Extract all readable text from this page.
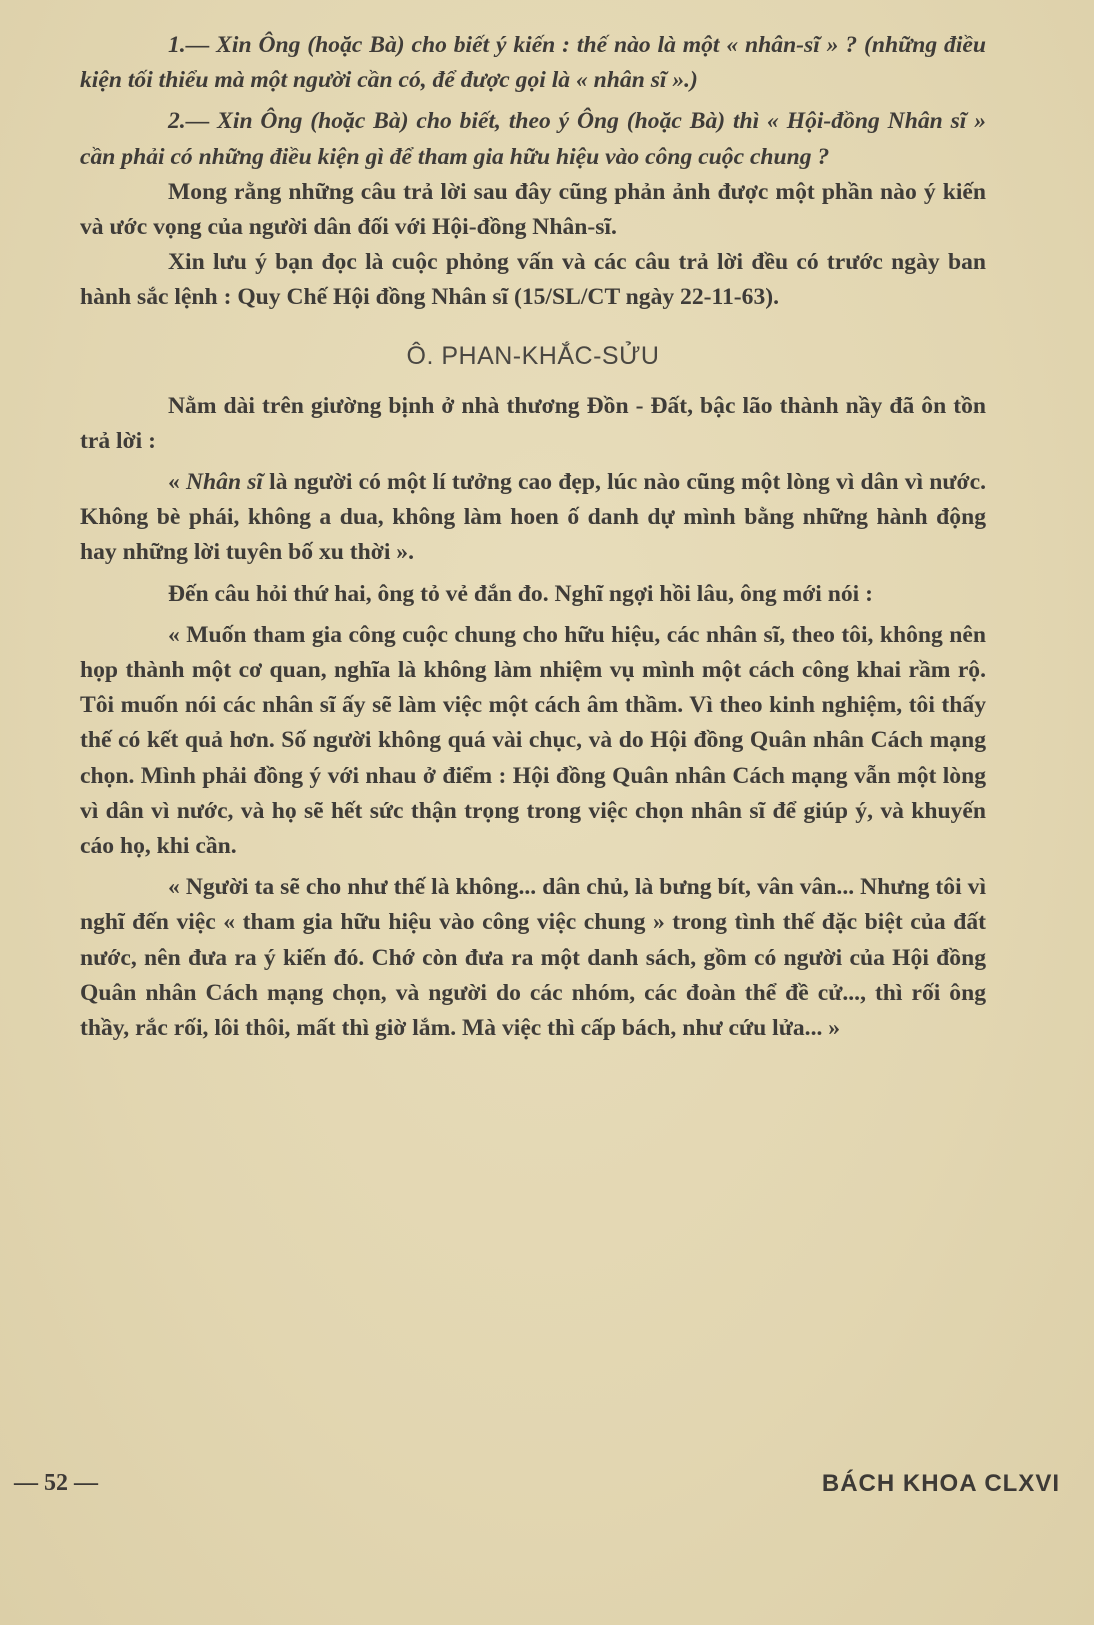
1.— Xin Ông (hoặc Bà) cho biết ý kiến : thế nào là một « nhân-sĩ » ? (những điều kiện tối thiểu mà một người cần có, để được gọi là « nhân sĩ ».)

2.— Xin Ông (hoặc Bà) cho biết, theo ý Ông (hoặc Bà) thì « Hội-đồng Nhân sĩ » cần phải có những điều kiện gì để tham gia hữu hiệu vào công cuộc chung ?

Mong rằng những câu trả lời sau đây cũng phản ảnh được một phần nào ý kiến và ước vọng của người dân đối với Hội-đồng Nhân-sĩ.

Xin lưu ý bạn đọc là cuộc phỏng vấn và các câu trả lời đều có trước ngày ban hành sắc lệnh : Quy Chế Hội đồng Nhân sĩ (15/SL/CT ngày 22-11-63).

Ô. PHAN-KHẮC-SỬU

Nằm dài trên giường bịnh ở nhà thương Đồn - Đất, bậc lão thành nầy đã ôn tồn trả lời :

« Nhân sĩ là người có một lí tưởng cao đẹp, lúc nào cũng một lòng vì dân vì nước. Không bè phái, không a dua, không làm hoen ố danh dự mình bằng những hành động hay những lời tuyên bố xu thời ».

Đến câu hỏi thứ hai, ông tỏ vẻ đắn đo. Nghĩ ngợi hồi lâu, ông mới nói :

« Muốn tham gia công cuộc chung cho hữu hiệu, các nhân sĩ, theo tôi, không nên họp thành một cơ quan, nghĩa là không làm nhiệm vụ mình một cách công khai rầm rộ. Tôi muốn nói các nhân sĩ ấy sẽ làm việc một cách âm thầm. Vì theo kinh nghiệm, tôi thấy thế có kết quả hơn. Số người không quá vài chục, và do Hội đồng Quân nhân Cách mạng chọn. Mình phải đồng ý với nhau ở điểm : Hội đồng Quân nhân Cách mạng vẫn một lòng vì dân vì nước, và họ sẽ hết sức thận trọng trong việc chọn nhân sĩ để giúp ý, và khuyến cáo họ, khi cần.

« Người ta sẽ cho như thế là không... dân chủ, là bưng bít, vân vân... Nhưng tôi vì nghĩ đến việc « tham gia hữu hiệu vào công việc chung » trong tình thế đặc biệt của đất nước, nên đưa ra ý kiến đó. Chớ còn đưa ra một danh sách, gồm có người của Hội đồng Quân nhân Cách mạng chọn, và người do các nhóm, các đoàn thể đề cử..., thì rối ông thầy, rắc rối, lôi thôi, mất thì giờ lắm. Mà việc thì cấp bách, như cứu lửa... »

— 52 —	BÁCH KHOA CLXVI
